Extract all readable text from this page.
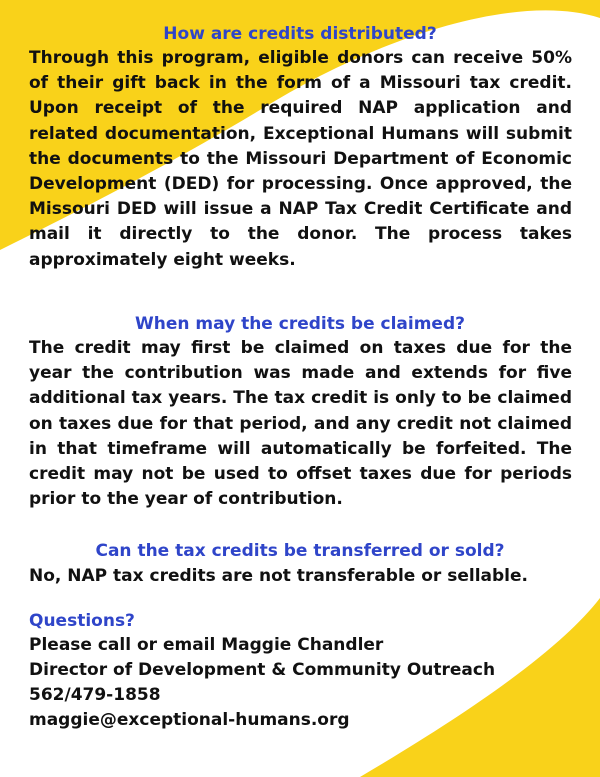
How are credits distributed?

Through this program, eligible donors can receive 50% of their gift back in the form of a Missouri tax credit. Upon receipt of the required NAP application and related documentation, Exceptional Humans will submit the documents to the Missouri Department of Economic Development (DED) for processing. Once approved, the Missouri DED will issue a NAP Tax Credit Certificate and mail it directly to the donor. The process takes approximately eight weeks.

When may the credits be claimed?

The credit may first be claimed on taxes due for the year the contribution was made and extends for five additional tax years. The tax credit is only to be claimed on taxes due for that period, and any credit not claimed in that timeframe will automatically be forfeited. The credit may not be used to offset taxes due for periods prior to the year of contribution.

Can the tax credits be transferred or sold?

No, NAP tax credits are not transferable or sellable.

Questions?

Please call or email Maggie Chandler

Director of Development & Community Outreach

562/479-1858

maggie@exceptional-humans.org
